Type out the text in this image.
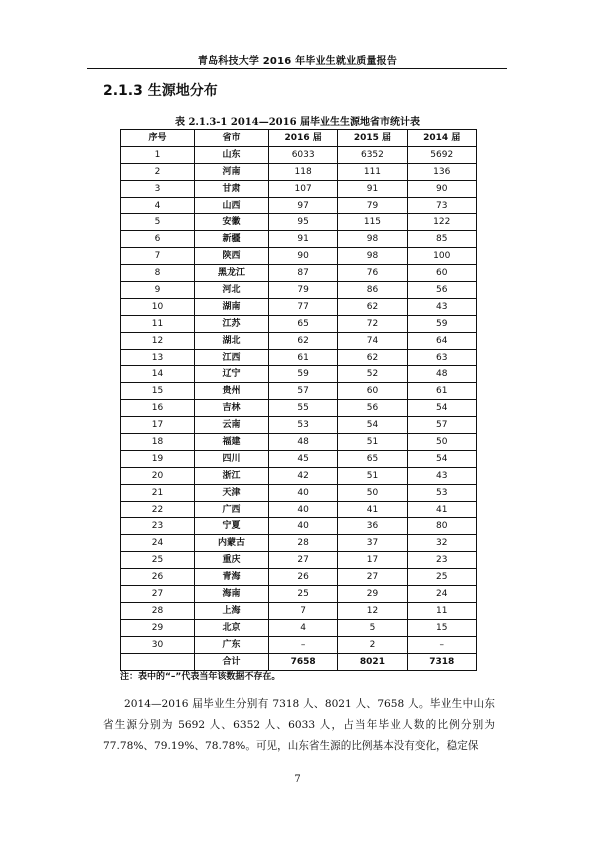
青岛科技大学 2016 年毕业生就业质量报告
2.1.3 生源地分布
表 2.1.3-1 2014—2016 届毕业生生源地省市统计表
序号	省市	2016 届	2015 届	2014 届
1	山东	6033	6352	5692
2	河南	118	111	136
3	甘肃	107	91	90
4	山西	97	79	73
5	安徽	95	115	122
6	新疆	91	98	85
7	陕西	90	98	100
8	黑龙江	87	76	60
9	河北	79	86	56
10	湖南	77	62	43
11	江苏	65	72	59
12	湖北	62	74	64
13	江西	61	62	63
14	辽宁	59	52	48
15	贵州	57	60	61
16	吉林	55	56	54
17	云南	53	54	57
18	福建	48	51	50
19	四川	45	65	54
20	浙江	42	51	43
21	天津	40	50	53
22	广西	40	41	41
23	宁夏	40	36	80
24	内蒙古	28	37	32
25	重庆	27	17	23
26	青海	26	27	25
27	海南	25	29	24
28	上海	7	12	11
29	北京	4	5	15
30	广东	–	2	–
	合计	7658	8021	7318
注：表中的“–”代表当年该数据不存在。
2014—2016 届毕业生分别有 7318 人、8021 人、7658 人。毕业生中山东省生源分别为 5692 人、6352 人、6033 人，占当年毕业人数的比例分别为 77.78%、79.19%、78.78%。可见，山东省生源的比例基本没有变化，稳定保
7
